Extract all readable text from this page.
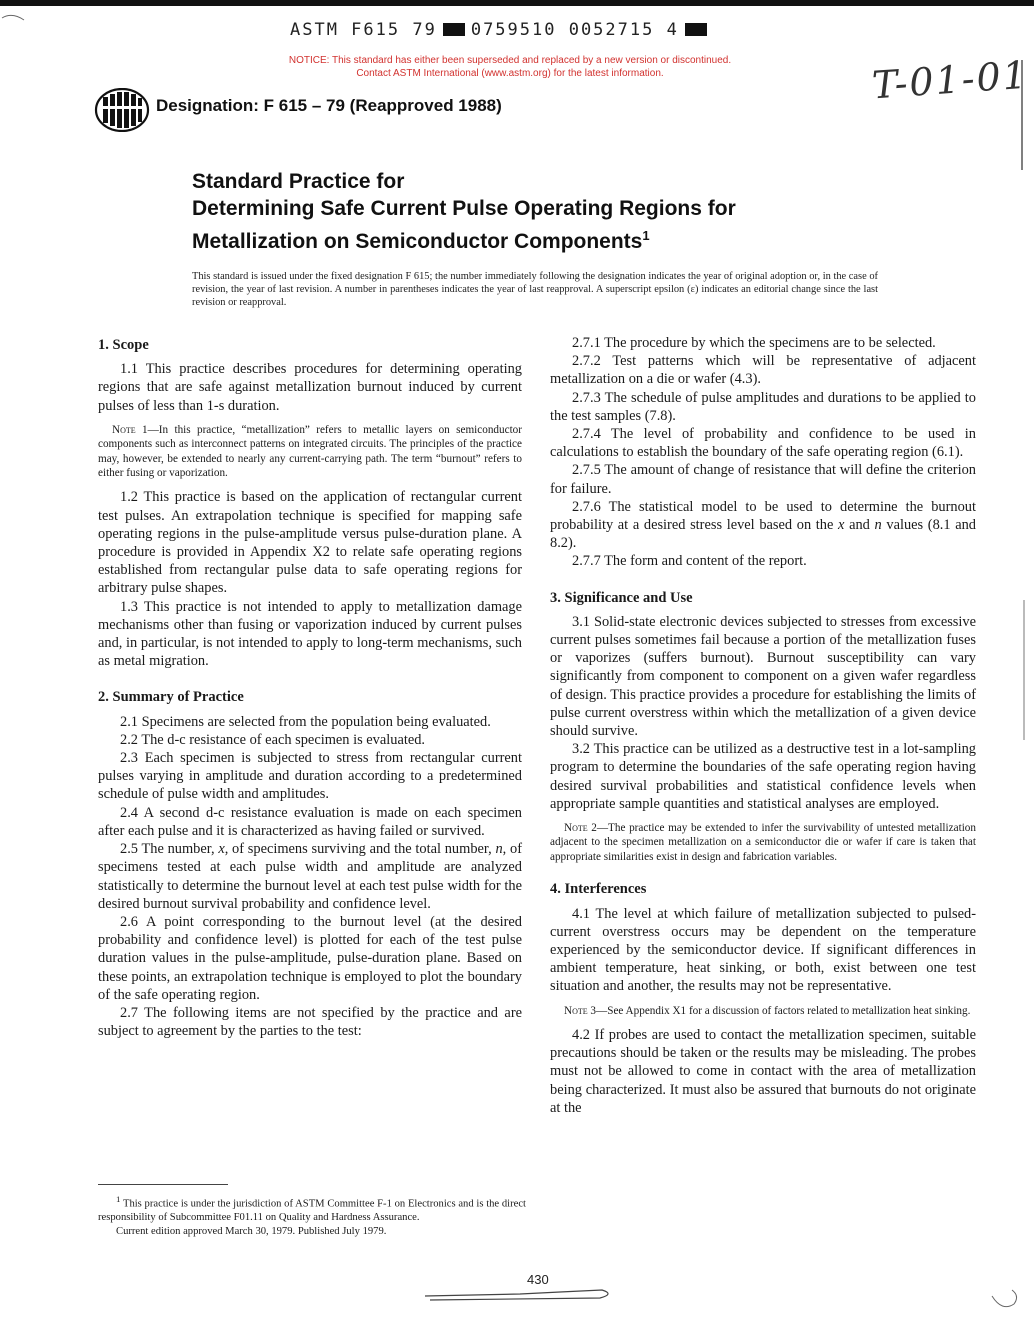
ASTM F615 79 0759510 0052715 4
NOTICE: This standard has either been superseded and replaced by a new version or discontinued.
Contact ASTM International (www.astm.org) for the latest information.	T-01-01
Designation: F 615 – 79 (Reapproved 1988)
Standard Practice for
Determining Safe Current Pulse Operating Regions for
Metallization on Semiconductor Components$^1$
This standard is issued under the fixed designation F 615; the number immediately following the designation indicates the year of original adoption or, in the case of revision, the year of last revision. A number in parentheses indicates the year of last reapproval. A superscript epsilon (ε) indicates an editorial change since the last revision or reapproval.
1. Scope

1.1 This practice describes procedures for determining operating regions that are safe against metallization burnout induced by current pulses of less than 1-s duration.

Note 1—In this practice, “metallization” refers to metallic layers on semiconductor components such as interconnect patterns on integrated circuits. The principles of the practice may, however, be extended to nearly any current-carrying path. The term “burnout” refers to either fusing or vaporization.

1.2 This practice is based on the application of rectangular current test pulses. An extrapolation technique is specified for mapping safe operating regions in the pulse-amplitude versus pulse-duration plane. A procedure is provided in Appendix X2 to relate safe operating regions established from rectangular pulse data to safe operating regions for arbitrary pulse shapes.

1.3 This practice is not intended to apply to metallization damage mechanisms other than fusing or vaporization induced by current pulses and, in particular, is not intended to apply to long-term mechanisms, such as metal migration.

2. Summary of Practice

2.1 Specimens are selected from the population being evaluated.

2.2 The d-c resistance of each specimen is evaluated.

2.3 Each specimen is subjected to stress from rectangular current pulses varying in amplitude and duration according to a predetermined schedule of pulse width and amplitudes.

2.4 A second d-c resistance evaluation is made on each specimen after each pulse and it is characterized as having failed or survived.

2.5 The number, x, of specimens surviving and the total number, n, of specimens tested at each pulse width and amplitude are analyzed statistically to determine the burnout level at each test pulse width for the desired burnout survival probability and confidence level.

2.6 A point corresponding to the burnout level (at the desired probability and confidence level) is plotted for each of the test pulse duration values in the pulse-amplitude, pulse-duration plane. Based on these points, an extrapolation technique is employed to plot the boundary of the safe operating region.

2.7 The following items are not specified by the practice and are subject to agreement by the parties to the test:

2.7.1 The procedure by which the specimens are to be selected.

2.7.2 Test patterns which will be representative of adjacent metallization on a die or wafer (4.3).

2.7.3 The schedule of pulse amplitudes and durations to be applied to the test samples (7.8).

2.7.4 The level of probability and confidence to be used in calculations to establish the boundary of the safe operating region (6.1).

2.7.5 The amount of change of resistance that will define the criterion for failure.

2.7.6 The statistical model to be used to determine the burnout probability at a desired stress level based on the x and n values (8.1 and 8.2).

2.7.7 The form and content of the report.

3. Significance and Use

3.1 Solid-state electronic devices subjected to stresses from excessive current pulses sometimes fail because a portion of the metallization fuses or vaporizes (suffers burnout). Burnout susceptibility can vary significantly from component to component on a given wafer regardless of design. This practice provides a procedure for establishing the limits of pulse current overstress within which the metallization of a given device should survive.

3.2 This practice can be utilized as a destructive test in a lot-sampling program to determine the boundaries of the safe operating region having desired survival probabilities and statistical confidence levels when appropriate sample quantities and statistical analyses are employed.

Note 2—The practice may be extended to infer the survivability of untested metallization adjacent to the specimen metallization on a semiconductor die or wafer if care is taken that appropriate similarities exist in design and fabrication variables.

4. Interferences

4.1 The level at which failure of metallization subjected to pulsed-current overstress occurs may be dependent on the temperature experienced by the semiconductor device. If significant differences in ambient temperature, heat sinking, or both, exist between one test situation and another, the results may not be representative.

Note 3—See Appendix X1 for a discussion of factors related to metallization heat sinking.

4.2 If probes are used to contact the metallization specimen, suitable precautions should be taken or the results may be misleading. The probes must not be allowed to come in contact with the area of metallization being characterized. It must also be assured that burnouts do not originate at the

$^1$ This practice is under the jurisdiction of ASTM Committee F-1 on Electronics and is the direct responsibility of Subcommittee F01.11 on Quality and Hardness Assurance.

Current edition approved March 30, 1979. Published July 1979.

430
